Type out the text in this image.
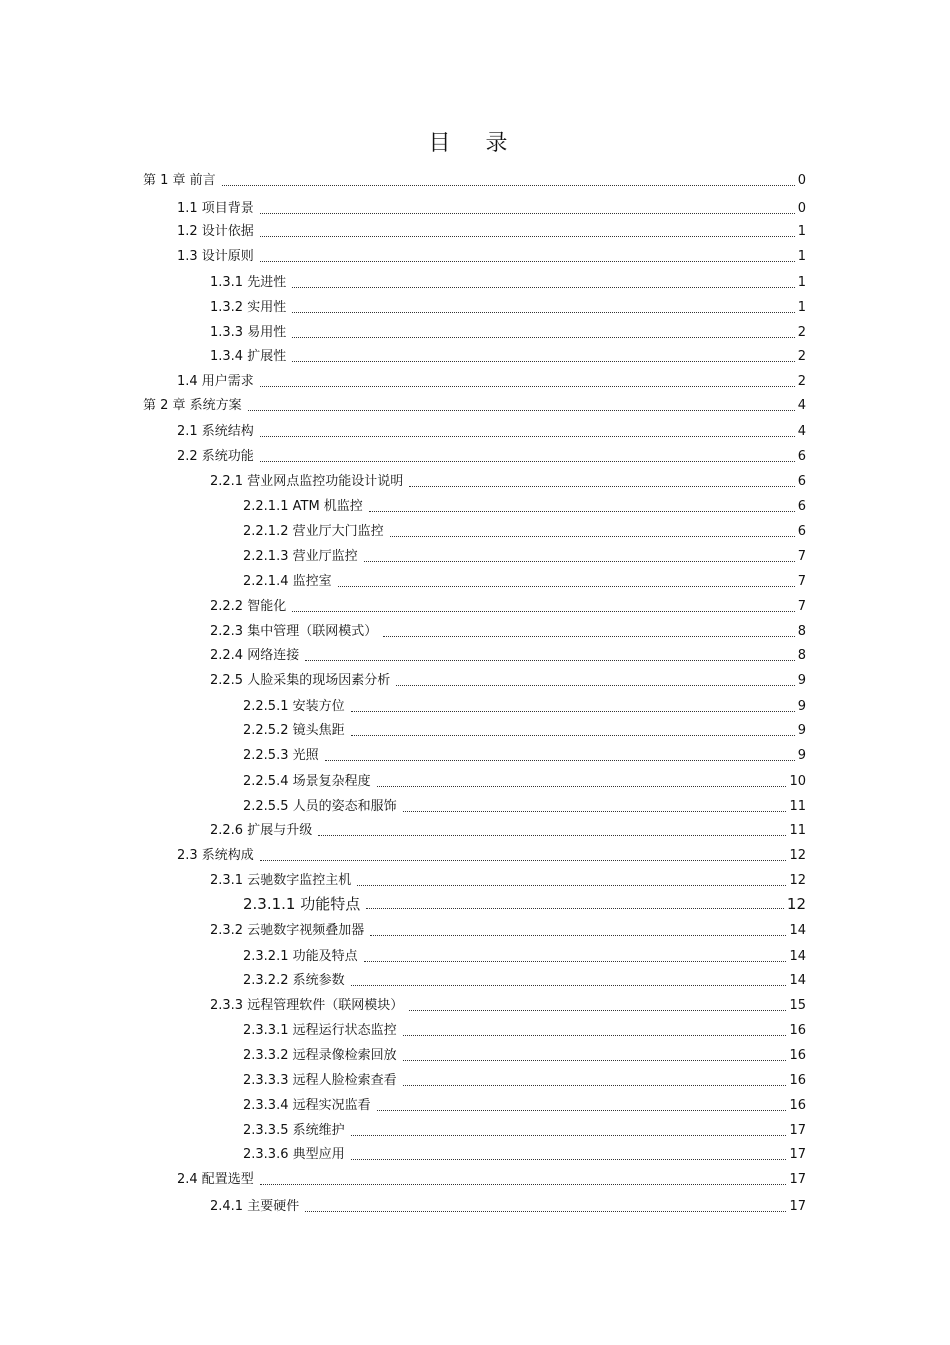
目 录
第 1 章 前言	0
1.1 项目背景	0
1.2 设计依据	1
1.3 设计原则	1
1.3.1 先进性	1
1.3.2 实用性	1
1.3.3 易用性	2
1.3.4 扩展性	2
1.4 用户需求	2
第 2 章 系统方案	4
2.1 系统结构	4
2.2 系统功能	6
2.2.1 营业网点监控功能设计说明	6
2.2.1.1 ATM 机监控	6
2.2.1.2 营业厅大门监控	6
2.2.1.3 营业厅监控	7
2.2.1.4 监控室	7
2.2.2 智能化	7
2.2.3 集中管理（联网模式）	8
2.2.4 网络连接	8
2.2.5 人脸采集的现场因素分析	9
2.2.5.1 安装方位	9
2.2.5.2 镜头焦距	9
2.2.5.3 光照	9
2.2.5.4 场景复杂程度	10
2.2.5.5 人员的姿态和服饰	11
2.2.6 扩展与升级	11
2.3 系统构成	12
2.3.1 云驰数字监控主机	12
2.3.1.1 功能特点	12
2.3.2 云驰数字视频叠加器	14
2.3.2.1 功能及特点	14
2.3.2.2 系统参数	14
2.3.3 远程管理软件（联网模块）	15
2.3.3.1 远程运行状态监控	16
2.3.3.2 远程录像检索回放	16
2.3.3.3 远程人脸检索查看	16
2.3.3.4 远程实况监看	16
2.3.3.5 系统维护	17
2.3.3.6 典型应用	17
2.4 配置选型	17
2.4.1 主要硬件	17
